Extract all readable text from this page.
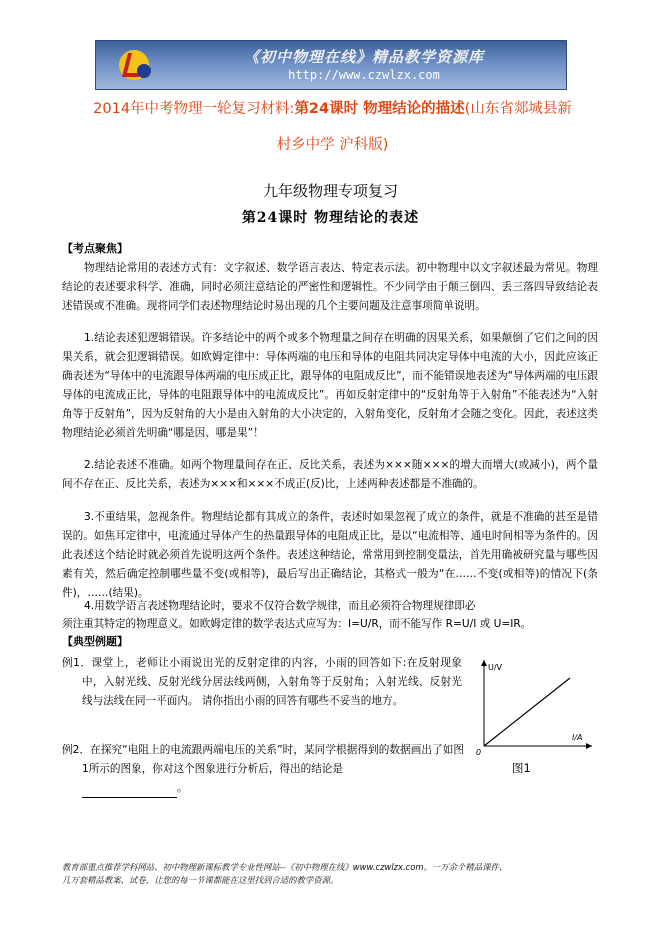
《初中物理在线》精品教学资源库
http://www.czwlzx.com
2014年中考物理一轮复习材料:第24课时 物理结论的描述(山东省郯城县新
村乡中学 沪科版)
九年级物理专项复习
第24课时 物理结论的表述
【考点聚焦】
物理结论常用的表述方式有：文字叙述、数学语言表达、特定表示法。初中物理中以文字叙述最为常见。物理结论的表述要求科学、准确，同时必须注意结论的严密性和逻辑性。不少同学由于颠三倒四、丢三落四导致结论表述错误或不准确。现将同学们表述物理结论时易出现的几个主要问题及注意事项简单说明。
1.结论表述犯逻辑错误。许多结论中的两个或多个物理量之间存在明确的因果关系，如果颠倒了它们之间的因果关系，就会犯逻辑错误。如欧姆定律中：导体两端的电压和导体的电阻共同决定导体中电流的大小，因此应该正确表述为“导体中的电流跟导体两端的电压成正比，跟导体的电阻成反比”，而不能错误地表述为“导体两端的电压跟导体的电流成正比，导体的电阻跟导体中的电流成反比”。再如反射定律中的“反射角等于入射角”不能表述为“入射角等于反射角”，因为反射角的大小是由入射角的大小决定的，入射角变化，反射角才会随之变化。因此，表述这类物理结论必须首先明确“哪是因、哪是果”！
2.结论表述不准确。如两个物理量间存在正、反比关系，表述为×××随×××的增大而增大(或减小)，两个量间不存在正、反比关系，表述为×××和×××不成正(反)比，上述两种表述都是不准确的。
3.不重结果，忽视条件。物理结论都有其成立的条件，表述时如果忽视了成立的条件，就是不准确的甚至是错误的。如焦耳定律中，电流通过导体产生的热量跟导体的电阻成正比，是以“电流相等、通电时间相等为条件的。因此表述这个结论时就必须首先说明这两个条件。表述这种结论，常常用到控制变量法，首先用确被研究量与哪些因素有关，然后确定控制哪些量不变(或相等)，最后写出正确结论，其格式一般为“在……不变(或相等)的情况下(条件)，……(结果)。
4.用数学语言表述物理结论时，要求不仅符合数学规律，而且必须符合物理规律即必
须注重其特定的物理意义。如欧姆定律的数学表达式应写为：I=U/R，而不能写作 R=U/I 或 U=IR。
【典型例题】
例1．课堂上，老师让小雨说出光的反射定律的内容，小雨的回答如下:在反射现象中，入射光线、反射光线分居法线两侧，入射角等于反射角；入射光线、反射光线与法线在同一平面内。 请你指出小雨的回答有哪些不妥当的地方。
例2．在探究“电阻上的电流跟两端电压的关系”时，某同学根据得到的数据画出了如图1所示的图象，你对这个图象进行分析后，得出的结论是
。
U/V
I/A
0
图1
教育部重点推荐学科网站、初中物理新课标教学专业性网站--《初中物理在线》www.czwlzx.com。一万余个精品课件、
几万套精品教案、试卷，让您的每一节课都能在这里找到合适的教学资源。
